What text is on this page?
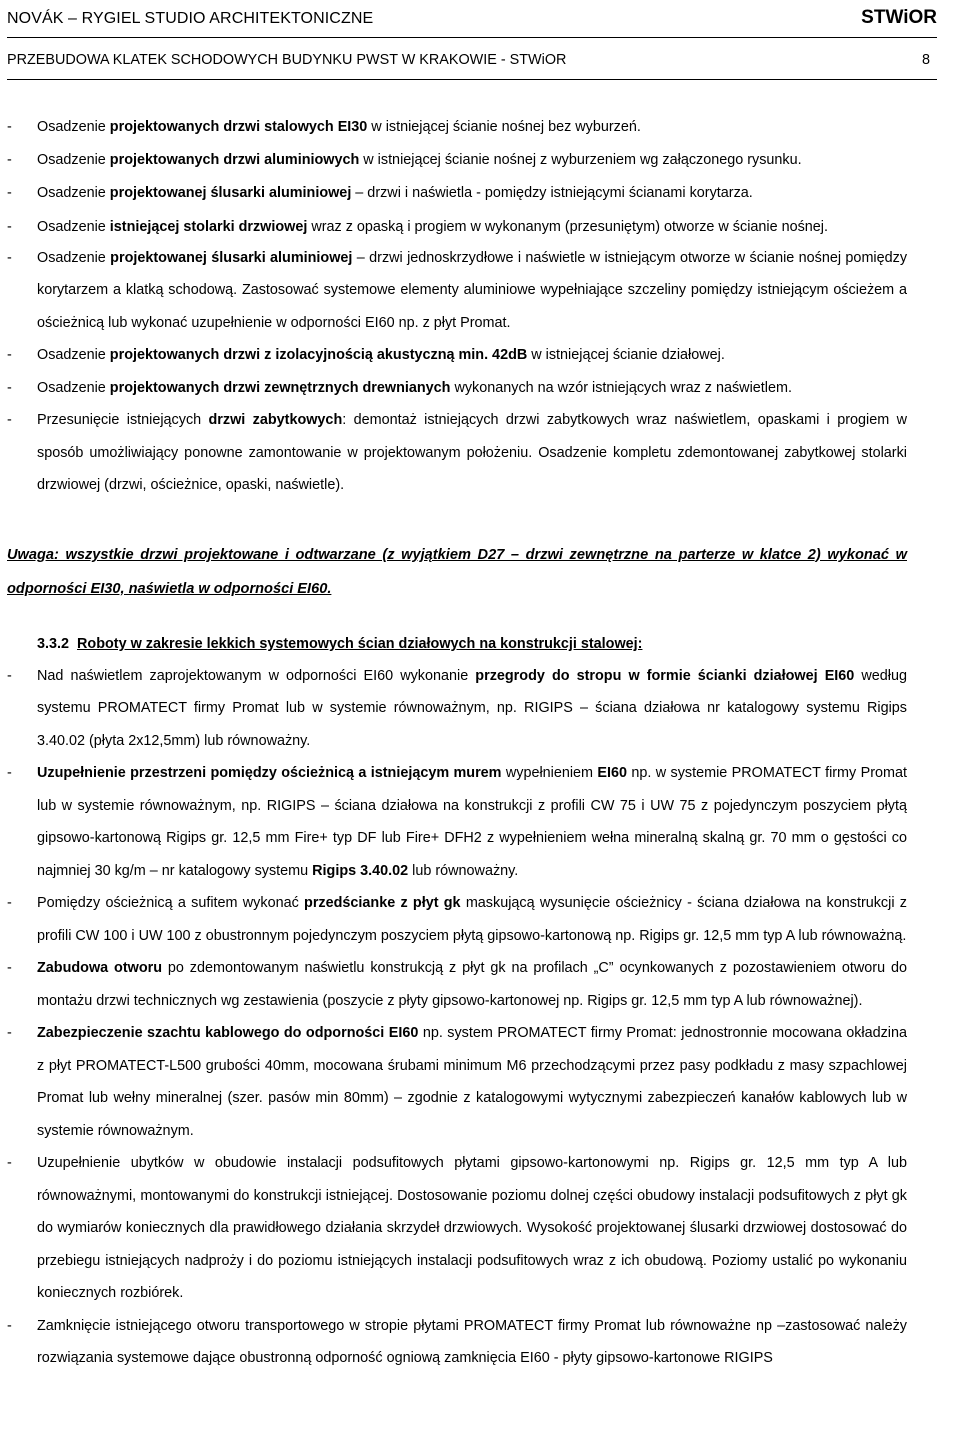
NOVÁK – RYGIEL STUDIO ARCHITEKTONICZNE	STWiOR
PRZEBUDOWA KLATEK SCHODOWYCH BUDYNKU PWST W KRAKOWIE - STWiOR	8
- Osadzenie projektowanych drzwi stalowych EI30 w istniejącej ścianie nośnej bez wyburzeń.
- Osadzenie projektowanych drzwi aluminiowych w istniejącej ścianie nośnej z wyburzeniem wg załączonego rysunku.
- Osadzenie projektowanej ślusarki aluminiowej – drzwi i naświetla - pomiędzy istniejącymi ścianami korytarza.
- Osadzenie istniejącej stolarki drzwiowej wraz z opaską i progiem w wykonanym (przesuniętym) otworze w ścianie nośnej.
- Osadzenie projektowanej ślusarki aluminiowej – drzwi jednoskrzydłowe i naświetle w istniejącym otworze w ścianie nośnej pomiędzy korytarzem a klatką schodową. Zastosować systemowe elementy aluminiowe wypełniające szczeliny pomiędzy istniejącym ościeżem a ościeżnicą lub wykonać uzupełnienie w odporności EI60 np. z płyt Promat.
- Osadzenie projektowanych drzwi z izolacyjnością akustyczną min. 42dB w istniejącej ścianie działowej.
- Osadzenie projektowanych drzwi zewnętrznych drewnianych wykonanych na wzór istniejących wraz z naświetlem.
- Przesunięcie istniejących drzwi zabytkowych: demontaż istniejących drzwi zabytkowych wraz naświetlem, opaskami i progiem w sposób umożliwiający ponowne zamontowanie w projektowanym położeniu. Osadzenie kompletu zdemontowanej zabytkowej stolarki drzwiowej (drzwi, ościeżnice, opaski, naświetle).
Uwaga: wszystkie drzwi projektowane i odtwarzane (z wyjątkiem D27 – drzwi zewnętrzne na parterze w klatce 2) wykonać w odporności EI30, naświetla w odporności EI60.
3.3.2 Roboty w zakresie lekkich systemowych ścian działowych na konstrukcji stalowej:
- Nad naświetlem zaprojektowanym w odporności EI60 wykonanie przegrody do stropu w formie ścianki działowej EI60 według systemu PROMATECT firmy Promat lub w systemie równoważnym, np. RIGIPS – ściana działowa nr katalogowy systemu Rigips 3.40.02 (płyta 2x12,5mm) lub równoważny.
- Uzupełnienie przestrzeni pomiędzy ościeżnicą a istniejącym murem wypełnieniem EI60 np. w systemie PROMATECT firmy Promat lub w systemie równoważnym, np. RIGIPS – ściana działowa na konstrukcji z profili CW 75 i UW 75 z pojedynczym poszyciem płytą gipsowo-kartonową Rigips gr. 12,5 mm Fire+ typ DF lub Fire+ DFH2 z wypełnieniem wełna mineralną skalną gr. 70 mm o gęstości co najmniej 30 kg/m – nr katalogowy systemu Rigips 3.40.02 lub równoważny.
- Pomiędzy ościeżnicą a sufitem wykonać przedścianke z płyt gk maskującą wysunięcie ościeżnicy - ściana działowa na konstrukcji z profili CW 100 i UW 100 z obustronnym pojedynczym poszyciem płytą gipsowo-kartonową np. Rigips gr. 12,5 mm typ A lub równoważną.
- Zabudowa otworu po zdemontowanym naświetlu konstrukcją z płyt gk na profilach „C” ocynkowanych z pozostawieniem otworu do montażu drzwi technicznych wg zestawienia (poszycie z płyty gipsowo-kartonowej np. Rigips gr. 12,5 mm typ A lub równoważnej).
- Zabezpieczenie szachtu kablowego do odporności EI60 np. system PROMATECT firmy Promat: jednostronnie mocowana okładzina z płyt PROMATECT-L500 grubości 40mm, mocowana śrubami minimum M6 przechodzącymi przez pasy podkładu z masy szpachlowej Promat lub wełny mineralnej (szer. pasów min 80mm) – zgodnie z katalogowymi wytycznymi zabezpieczeń kanałów kablowych lub w systemie równoważnym.
- Uzupełnienie ubytków w obudowie instalacji podsufitowych płytami gipsowo-kartonowymi np. Rigips gr. 12,5 mm typ A lub równoważnymi, montowanymi do konstrukcji istniejącej. Dostosowanie poziomu dolnej części obudowy instalacji podsufitowych z płyt gk do wymiarów koniecznych dla prawidłowego działania skrzydeł drzwiowych. Wysokość projektowanej ślusarki drzwiowej dostosować do przebiegu istniejących nadproży i do poziomu istniejących instalacji podsufitowych wraz z ich obudową. Poziomy ustalić po wykonaniu koniecznych rozbiórek.
- Zamknięcie istniejącego otworu transportowego w stropie płytami PROMATECT firmy Promat lub równoważne np –zastosować należy rozwiązania systemowe dające obustronną odporność ogniową zamknięcia EI60 - płyty gipsowo-kartonowe RIGIPS
